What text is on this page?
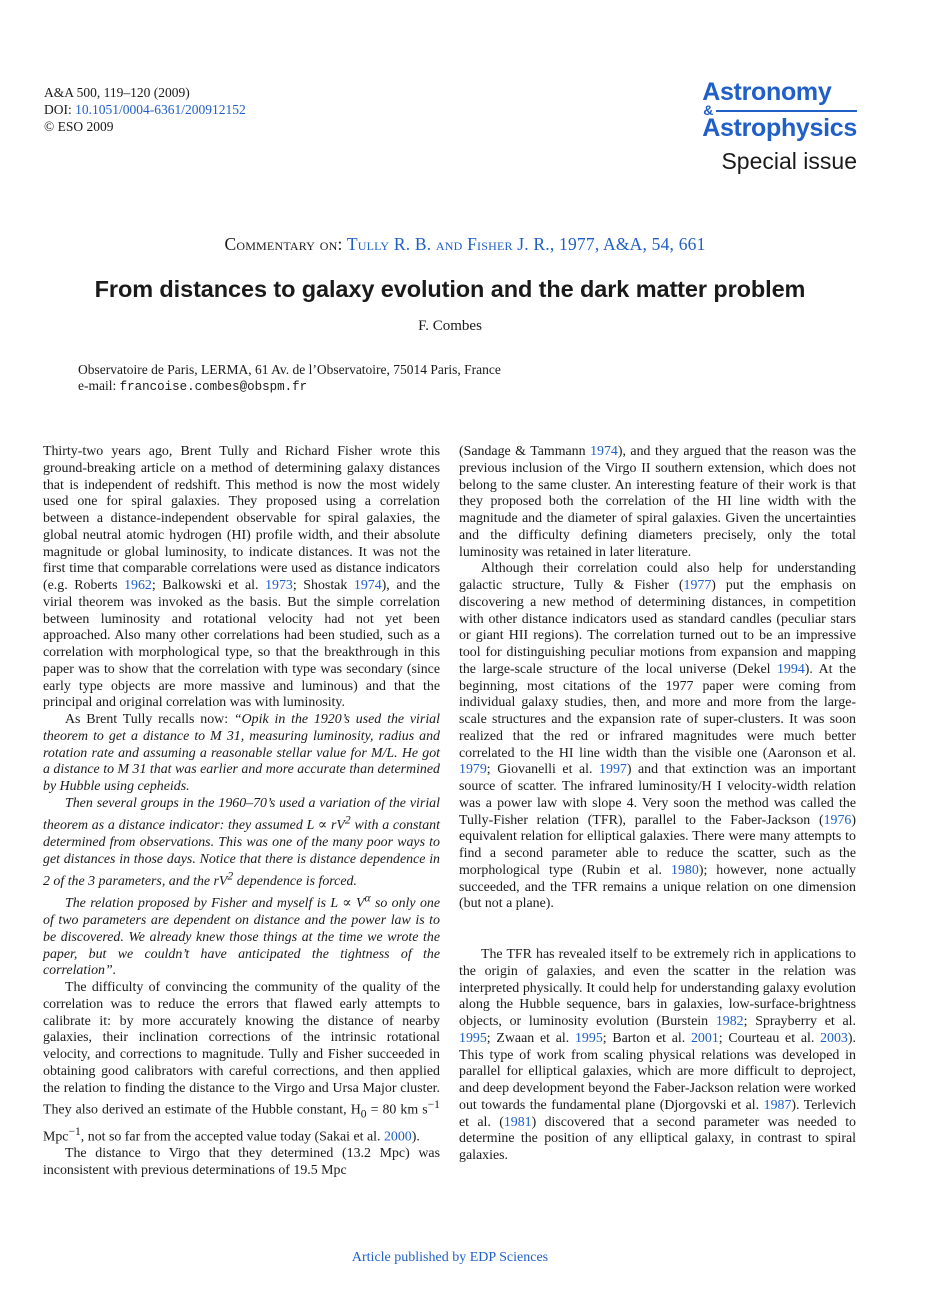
A&A 500, 119–120 (2009)
DOI: 10.1051/0004-6361/200912152
© ESO 2009
Astronomy
&
Astrophysics
Special issue
Commentary on: Tully R. B. and Fisher J. R., 1977, A&A, 54, 661
From distances to galaxy evolution and the dark matter problem
F. Combes
Observatoire de Paris, LERMA, 61 Av. de l’Observatoire, 75014 Paris, France
e-mail: francoise.combes@obspm.fr

Thirty-two years ago, Brent Tully and Richard Fisher wrote this ground-breaking article on a method of determining galaxy distances that is independent of redshift. This method is now the most widely used one for spiral galaxies. They proposed using a correlation between a distance-independent observable for spiral galaxies, the global neutral atomic hydrogen (HI) profile width, and their absolute magnitude or global luminosity, to indicate distances. It was not the first time that comparable correlations were used as distance indicators (e.g. Roberts 1962; Balkowski et al. 1973; Shostak 1974), and the virial theorem was invoked as the basis. But the simple correlation between luminosity and rotational velocity had not yet been approached. Also many other correlations had been studied, such as a correlation with morphological type, so that the breakthrough in this paper was to show that the correlation with type was secondary (since early type objects are more massive and luminous) and that the principal and original correlation was with luminosity.

As Brent Tully recalls now: “Opik in the 1920’s used the virial theorem to get a distance to M 31, measuring luminosity, radius and rotation rate and assuming a reasonable stellar value for M/L. He got a distance to M 31 that was earlier and more accurate than determined by Hubble using cepheids.

Then several groups in the 1960–70’s used a variation of the virial theorem as a distance indicator: they assumed $L \propto rV^2$ with a constant determined from observations. This was one of the many poor ways to get distances in those days. Notice that there is distance dependence in 2 of the 3 parameters, and the $rV^2$ dependence is forced.

The relation proposed by Fisher and myself is $L \propto V^\alpha$ so only one of two parameters are dependent on distance and the power law is to be discovered. We already knew those things at the time we wrote the paper, but we couldn’t have anticipated the tightness of the correlation”.

The difficulty of convincing the community of the quality of the correlation was to reduce the errors that flawed early attempts to calibrate it: by more accurately knowing the distance of nearby galaxies, their inclination corrections of the intrinsic rotational velocity, and corrections to magnitude. Tully and Fisher succeeded in obtaining good calibrators with careful corrections, and then applied the relation to finding the distance to the Virgo and Ursa Major cluster. They also derived an estimate of the Hubble constant, $H_0 = 80$ km $s^{-1}$ Mpc$^{-1}$, not so far from the accepted value today (Sakai et al. 2000).

The distance to Virgo that they determined (13.2 Mpc) was inconsistent with previous determinations of 19.5 Mpc

(Sandage & Tammann 1974), and they argued that the reason was the previous inclusion of the Virgo II southern extension, which does not belong to the same cluster. An interesting feature of their work is that they proposed both the correlation of the HI line width with the magnitude and the diameter of spiral galaxies. Given the uncertainties and the difficulty defining diameters precisely, only the total luminosity was retained in later literature.

Although their correlation could also help for understanding galactic structure, Tully & Fisher (1977) put the emphasis on discovering a new method of determining distances, in competition with other distance indicators used as standard candles (peculiar stars or giant HII regions). The correlation turned out to be an impressive tool for distinguishing peculiar motions from expansion and mapping the large-scale structure of the local universe (Dekel 1994). At the beginning, most citations of the 1977 paper were coming from individual galaxy studies, then, and more and more from the large-scale structures and the expansion rate of super-clusters. It was soon realized that the red or infrared magnitudes were much better correlated to the HI line width than the visible one (Aaronson et al. 1979; Giovanelli et al. 1997) and that extinction was an important source of scatter. The infrared luminosity/H I velocity-width relation was a power law with slope 4. Very soon the method was called the Tully-Fisher relation (TFR), parallel to the Faber-Jackson (1976) equivalent relation for elliptical galaxies. There were many attempts to find a second parameter able to reduce the scatter, such as the morphological type (Rubin et al. 1980); however, none actually succeeded, and the TFR remains a unique relation on one dimension (but not a plane).

The TFR has revealed itself to be extremely rich in applications to the origin of galaxies, and even the scatter in the relation was interpreted physically. It could help for understanding galaxy evolution along the Hubble sequence, bars in galaxies, low-surface-brightness objects, or luminosity evolution (Burstein 1982; Sprayberry et al. 1995; Zwaan et al. 1995; Barton et al. 2001; Courteau et al. 2003). This type of work from scaling physical relations was developed in parallel for elliptical galaxies, which are more difficult to deproject, and deep development beyond the Faber-Jackson relation were worked out towards the fundamental plane (Djorgovski et al. 1987). Terlevich et al. (1981) discovered that a second parameter was needed to determine the position of any elliptical galaxy, in contrast to spiral galaxies.

Article published by EDP Sciences
